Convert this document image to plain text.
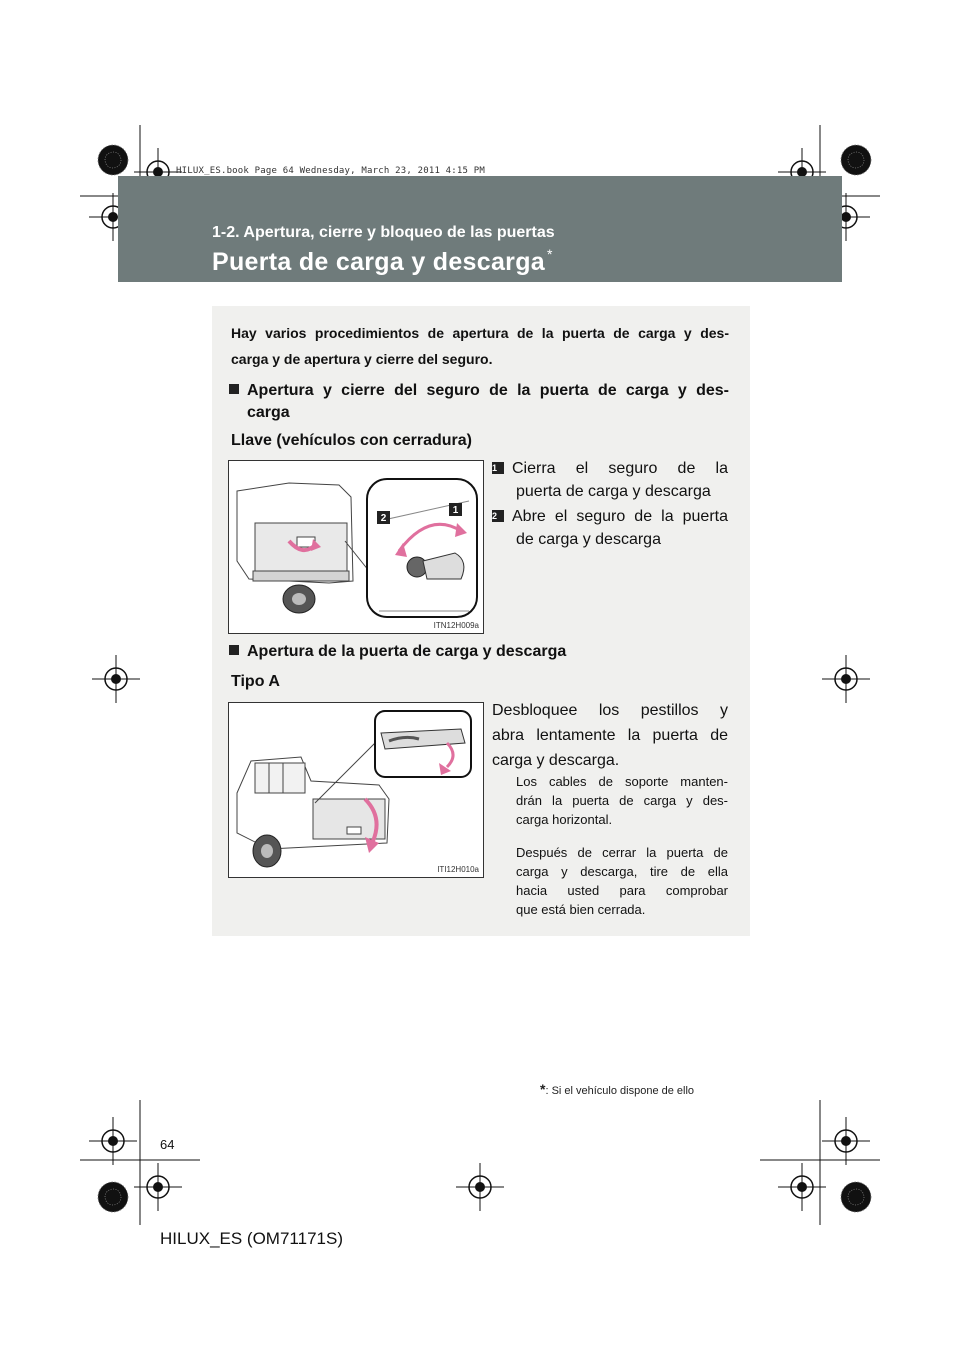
HILUX_ES.book Page 64 Wednesday, March 23, 2011 4:15 PM
1-2. Apertura, cierre y bloqueo de las puertas
Puerta de carga y descarga *
Hay varios procedimientos de apertura de la puerta de carga y des-
carga y de apertura y cierre del seguro.
Apertura y cierre del seguro de la puerta de carga y des-
carga
Llave (vehículos con cerradura)
2
1
ITN12H009a
1 Cierra el seguro de la
puerta de carga y descarga
2 Abre el seguro de la puerta
de carga y descarga
Apertura de la puerta de carga y descarga
Tipo A
ITI12H010a
Desbloquee los pestillos y
abra lentamente la puerta de
carga y descarga.
Los cables de soporte manten-
drán la puerta de carga y des-
carga horizontal.
Después de cerrar la puerta de
carga y descarga, tire de ella
hacia usted para comprobar
que está bien cerrada.
*: Si el vehículo dispone de ello
64
HILUX_ES (OM71171S)
